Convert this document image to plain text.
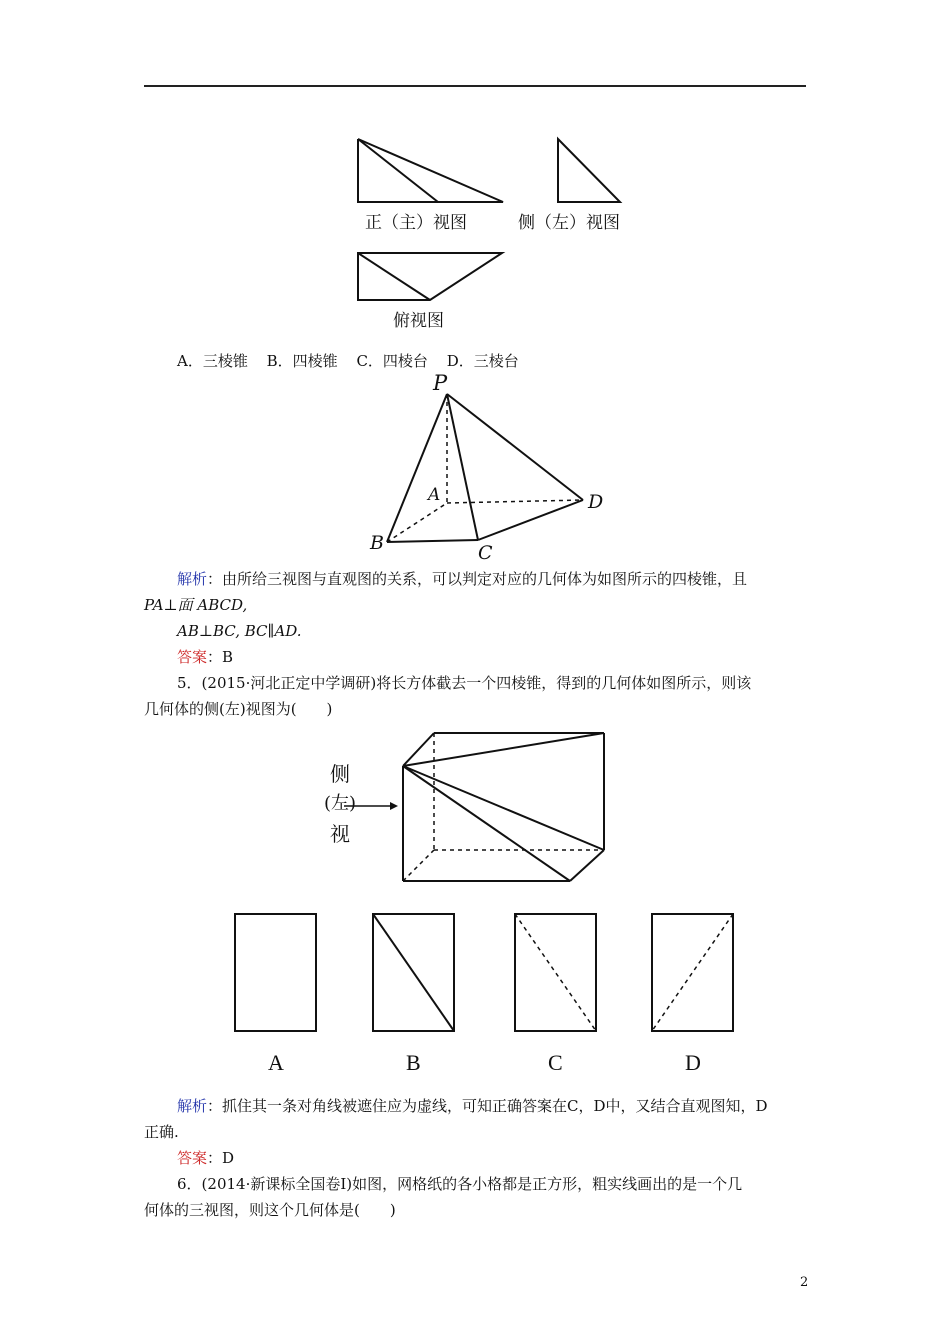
正（主）视图	侧（左）视图
俯视图
A．三棱锥 B．四棱锥 C．四棱台 D．三棱台
P
A
B	C
D
解析：由所给三视图与直观图的关系，可以判定对应的几何体为如图所示的四棱锥，且
PA⊥面 ABCD,
AB⊥BC, BC∥AD.
答案：B
5．(2015·河北正定中学调研)将长方体截去一个四棱锥，得到的几何体如图所示，则该
几何体的侧(左)视图为(　　)
侧
(左)
视
A	B	C	D
解析：抓住其一条对角线被遮住应为虚线，可知正确答案在C，D中，又结合直观图知，D
正确.
答案：D
6．(2014·新课标全国卷Ⅰ)如图，网格纸的各小格都是正方形，粗实线画出的是一个几
何体的三视图，则这个几何体是(　　)
2
